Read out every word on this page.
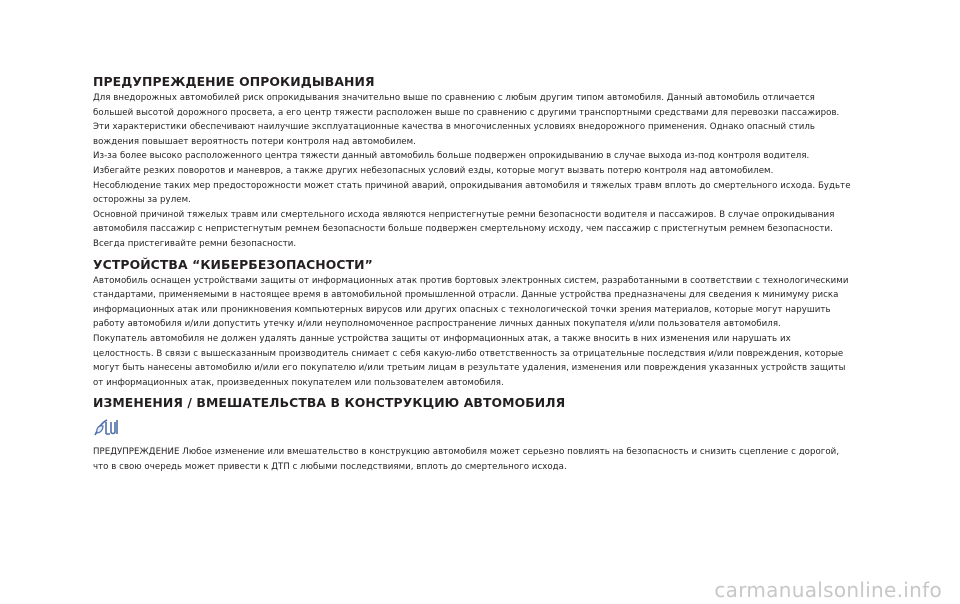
ПРЕДУПРЕЖДЕНИЕ ОПРОКИДЫВАНИЯ

Для внедорожных автомобилей риск опрокидывания значительно выше по сравнению с любым другим типом автомобиля. Данный автомобиль отличается большей высотой дорожного просвета, а его центр тяжести расположен выше по сравнению с другими транспортными средствами для перевозки пассажиров. Эти характеристики обеспечивают наилучшие эксплуатационные качества в многочисленных условиях внедорожного применения. Однако опасный стиль вождения повышает вероятность потери контроля над автомобилем.

Из-за более высоко расположенного центра тяжести данный автомобиль больше подвержен опрокидыванию в случае выхода из-под контроля водителя.

Избегайте резких поворотов и маневров, а также других небезопасных условий езды, которые могут вызвать потерю контроля над автомобилем.

Несоблюдение таких мер предосторожности может стать причиной аварий, опрокидывания автомобиля и тяжелых травм вплоть до смертельного исхода. Будьте осторожны за рулем.

Основной причиной тяжелых травм или смертельного исхода являются непристегнутые ремни безопасности водителя и пассажиров. В случае опрокидывания автомобиля пассажир с непристегнутым ремнем безопасности больше подвержен смертельному исходу, чем пассажир с пристегнутым ремнем безопасности. Всегда пристегивайте ремни безопасности.

УСТРОЙСТВА “КИБЕРБЕЗОПАСНОСТИ”

Автомобиль оснащен устройствами защиты от информационных атак против бортовых электронных систем, разработанными в соответствии с технологическими стандартами, применяемыми в настоящее время в автомобильной промышленной отрасли. Данные устройства предназначены для сведения к минимуму риска информационных атак или проникновения компьютерных вирусов или других опасных с технологической точки зрения материалов, которые могут нарушить работу автомобиля и/или допустить утечку и/или неуполномоченное распространение личных данных покупателя и/или пользователя автомобиля.

Покупатель автомобиля не должен удалять данные устройства защиты от информационных атак, а также вносить в них изменения или нарушать их целостность. В связи с вышесказанным производитель снимает с себя какую-либо ответственность за отрицательные последствия и/или повреждения, которые могут быть нанесены автомобилю и/или его покупателю и/или третьим лицам в результате удаления, изменения или повреждения указанных устройств защиты от информационных атак, произведенных покупателем или пользователем автомобиля.

ИЗМЕНЕНИЯ / ВМЕШАТЕЛЬСТВА В КОНСТРУКЦИЮ АВТОМОБИЛЯ

ПРЕДУПРЕЖДЕНИЕ Любое изменение или вмешательство в конструкцию автомобиля может серьезно повлиять на безопасность и снизить сцепление с дорогой, что в свою очередь может привести к ДТП с любыми последствиями, вплоть до смертельного исхода.

carmanualsonline.info
